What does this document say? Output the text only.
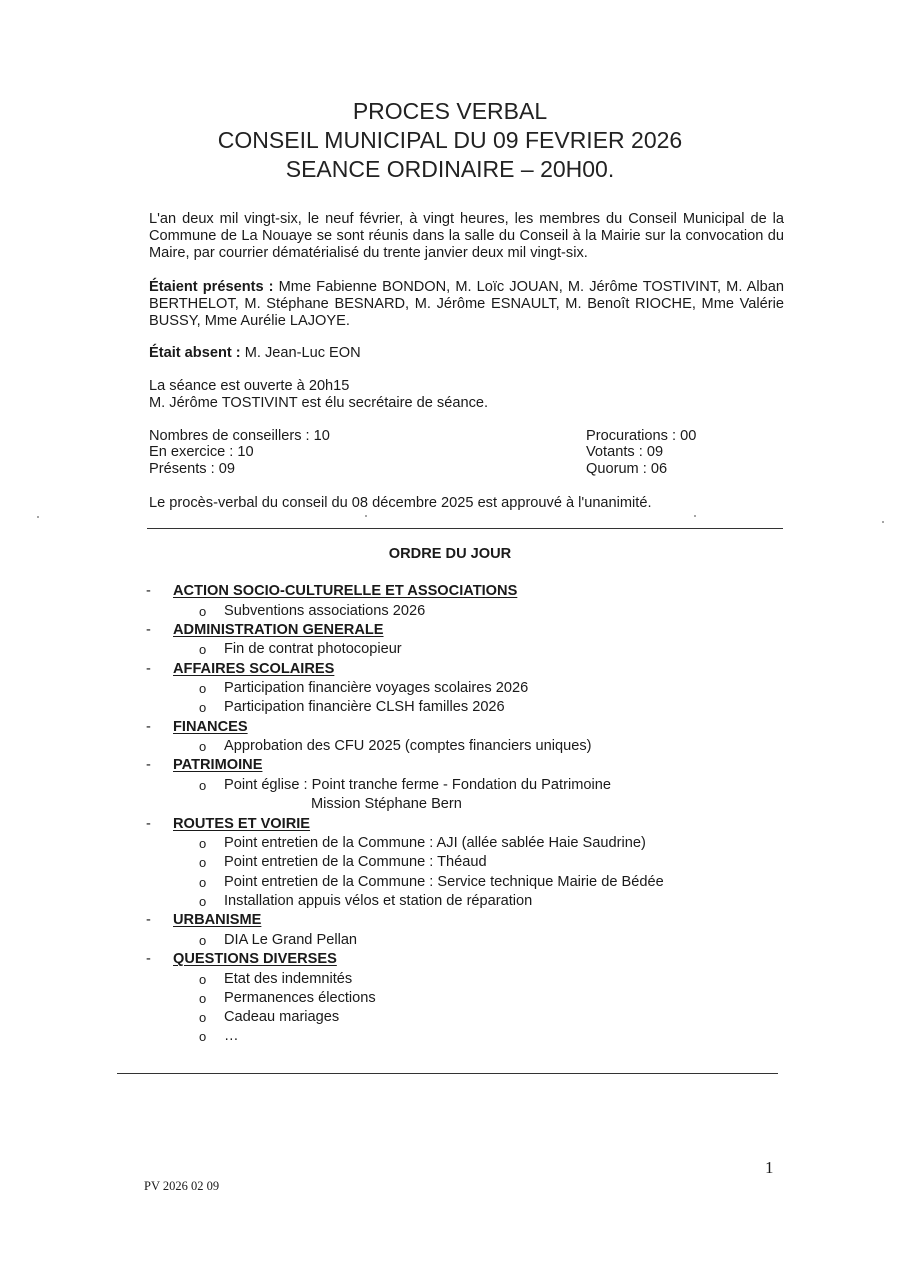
PROCES VERBAL
CONSEIL MUNICIPAL DU 09 FEVRIER 2026
SEANCE ORDINAIRE – 20H00.
L'an deux mil vingt-six, le neuf février, à vingt heures, les membres du Conseil Municipal de la Commune de La Nouaye se sont réunis dans la salle du Conseil à la Mairie sur la convocation du Maire, par courrier dématérialisé du trente janvier deux mil vingt-six.
Étaient présents : Mme Fabienne BONDON, M. Loïc JOUAN, M. Jérôme TOSTIVINT, M. Alban BERTHELOT, M. Stéphane BESNARD, M. Jérôme ESNAULT, M. Benoît RIOCHE, Mme Valérie BUSSY, Mme Aurélie LAJOYE.
Était absent : M. Jean-Luc EON
La séance est ouverte à 20h15
M. Jérôme TOSTIVINT est élu secrétaire de séance.
Nombres de conseillers : 10
En exercice : 10
Présents : 09
Procurations : 00
Votants : 09
Quorum : 06
Le procès-verbal du conseil du 08 décembre 2025 est approuvé à l'unanimité.
ORDRE DU JOUR
- ACTION SOCIO-CULTURELLE ET ASSOCIATIONS
o Subventions associations 2026
- ADMINISTRATION GENERALE
o Fin de contrat photocopieur
- AFFAIRES SCOLAIRES
o Participation financière voyages scolaires 2026
o Participation financière CLSH familles 2026
- FINANCES
o Approbation des CFU 2025 (comptes financiers uniques)
- PATRIMOINE
o Point église : Point tranche ferme - Fondation du Patrimoine
Mission Stéphane Bern
- ROUTES ET VOIRIE
o Point entretien de la Commune : AJI (allée sablée Haie Saudrine)
o Point entretien de la Commune : Théaud
o Point entretien de la Commune : Service technique Mairie de Bédée
o Installation appuis vélos et station de réparation
- URBANISME
o DIA Le Grand Pellan
- QUESTIONS DIVERSES
o Etat des indemnités
o Permanences élections
o Cadeau mariages
o …
1
PV 2026 02 09
